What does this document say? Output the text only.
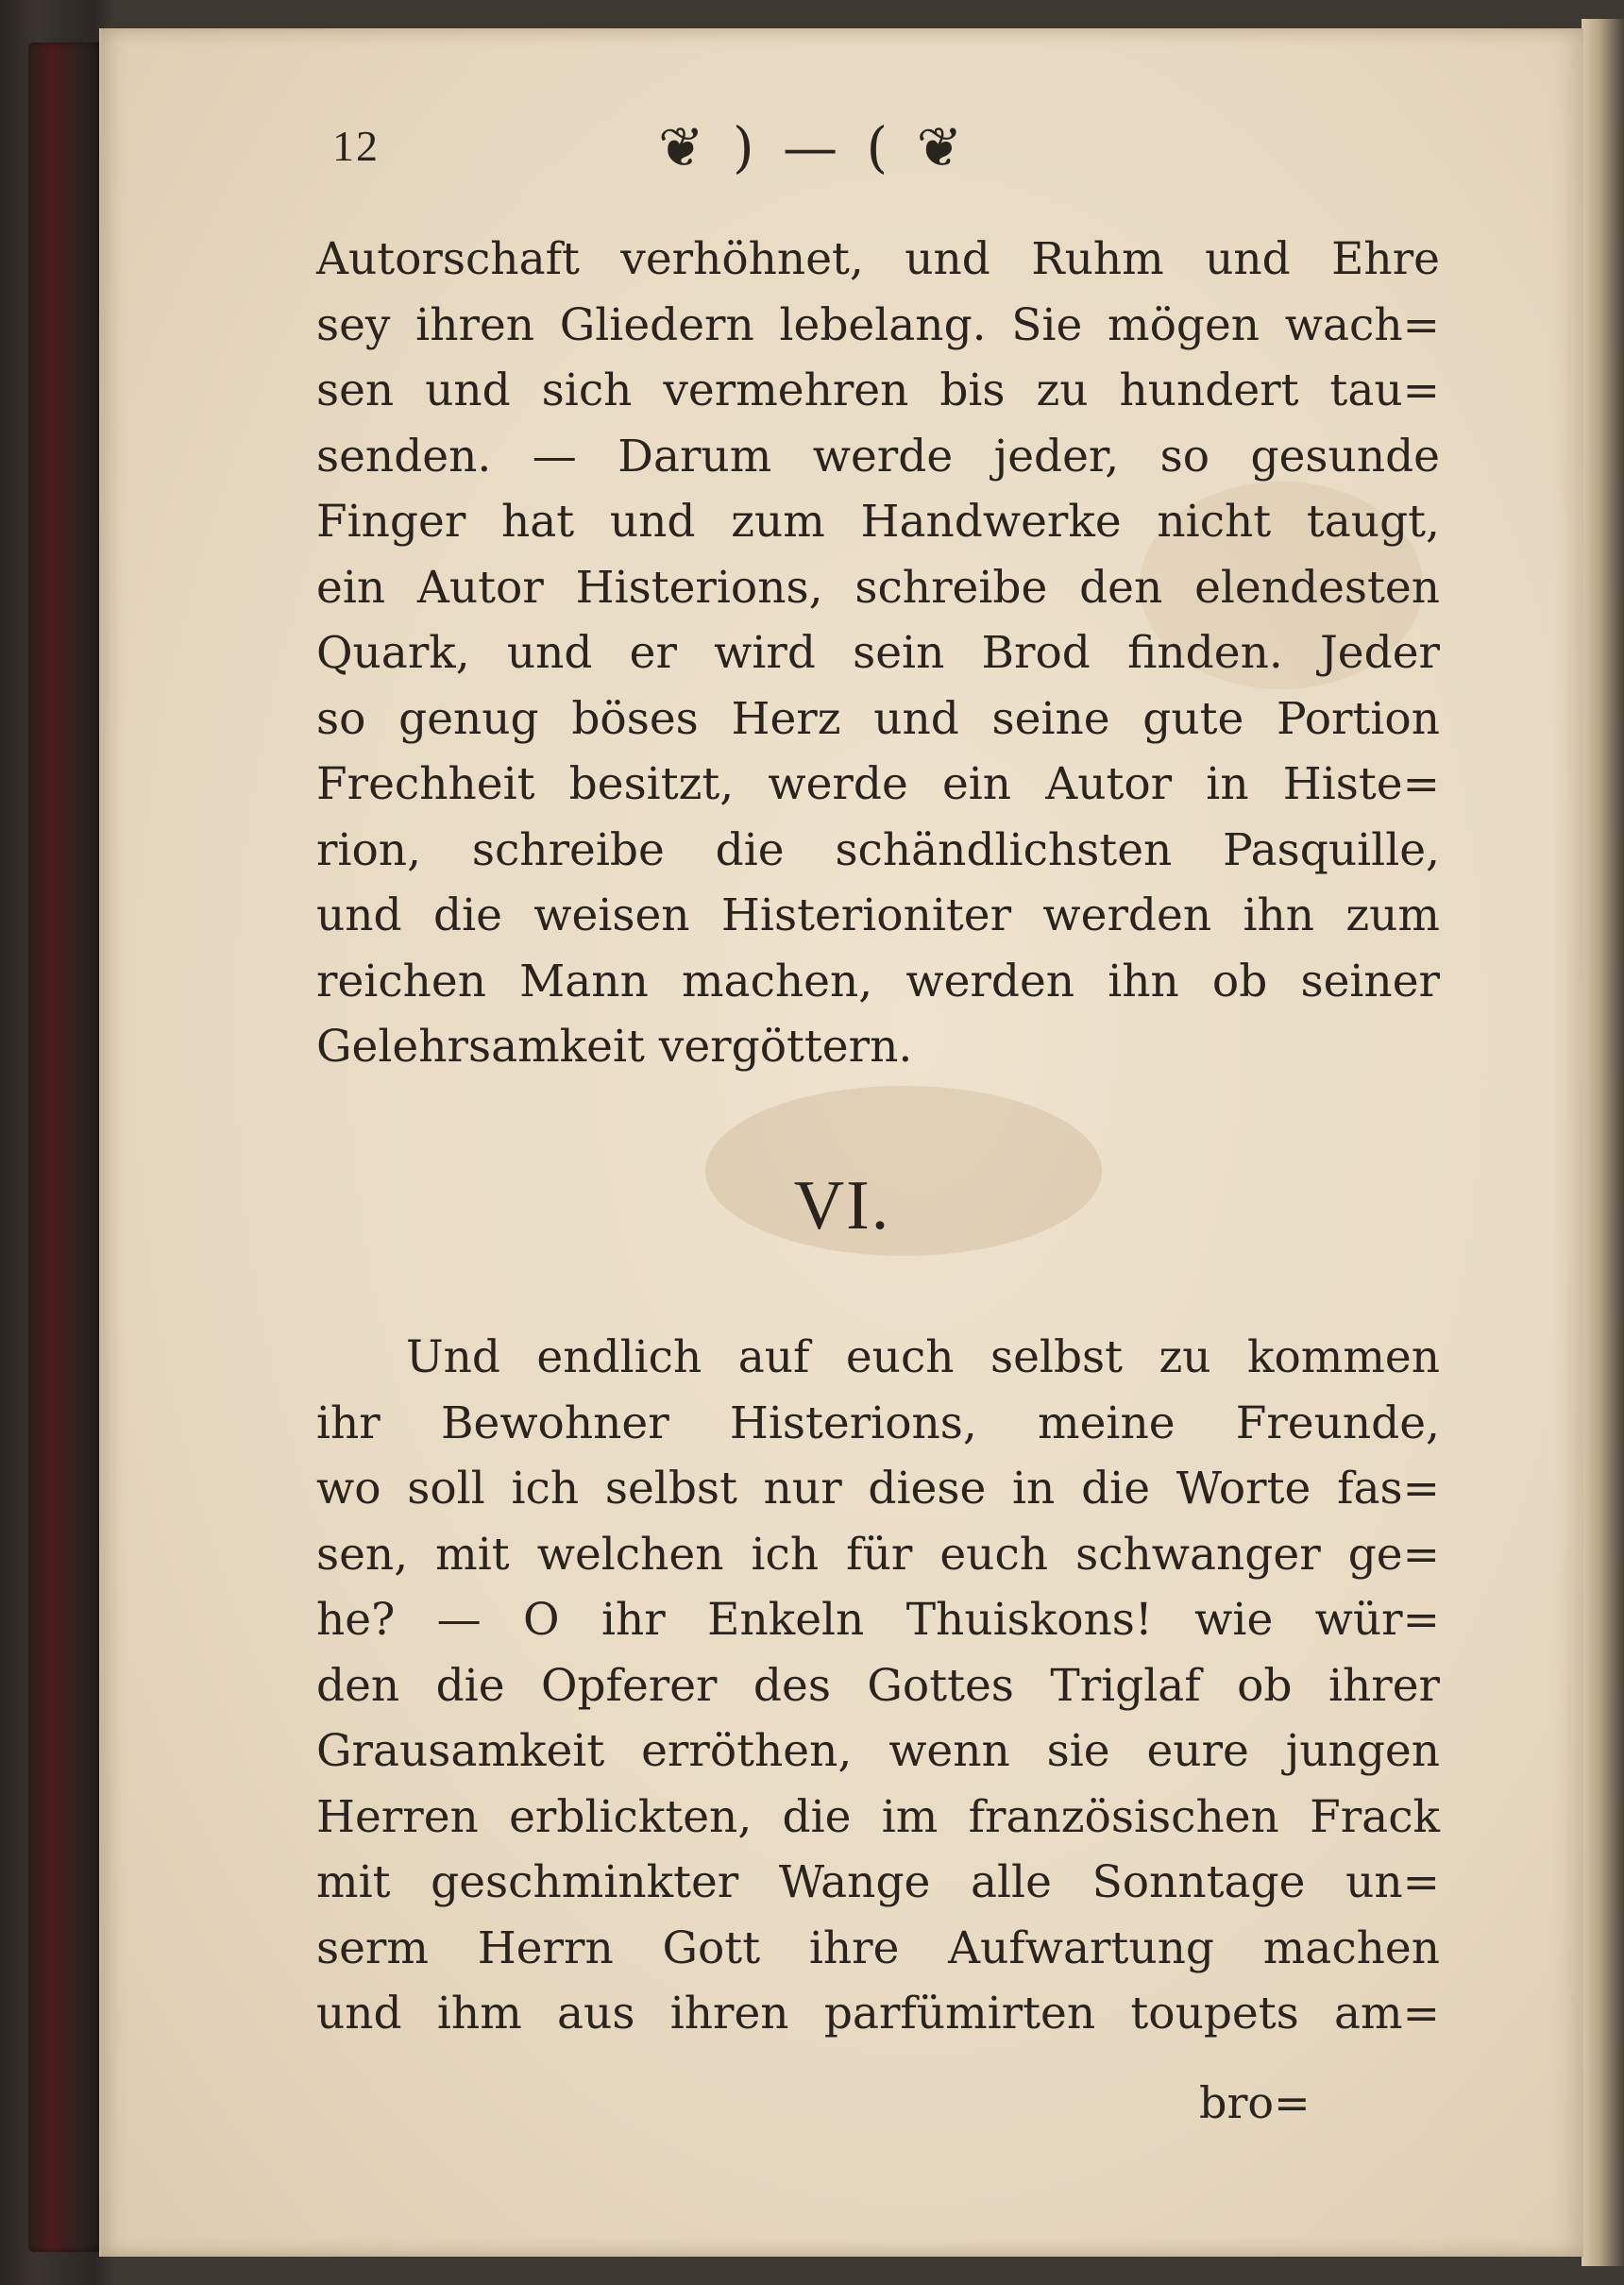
12	❦ ) — ( ❦
Autorschaft verhöhnet, und Ruhm und Ehre
sey ihren Gliedern lebelang. Sie mögen wach=
sen und sich vermehren bis zu hundert tau=
senden. — Darum werde jeder, so gesunde
Finger hat und zum Handwerke nicht taugt,
ein Autor Histerions, schreibe den elendesten
Quark, und er wird sein Brod finden. Jeder
so genug böses Herz und seine gute Portion
Frechheit besitzt, werde ein Autor in Histe=
rion, schreibe die schändlichsten Pasquille,
und die weisen Histerioniter werden ihn zum
reichen Mann machen, werden ihn ob seiner
Gelehrsamkeit vergöttern.
VI.
Und endlich auf euch selbst zu kommen
ihr Bewohner Histerions, meine Freunde,
wo soll ich selbst nur diese in die Worte fas=
sen, mit welchen ich für euch schwanger ge=
he? — O ihr Enkeln Thuiskons! wie wür=
den die Opferer des Gottes Triglaf ob ihrer
Grausamkeit erröthen, wenn sie eure jungen
Herren erblickten, die im französischen Frack
mit geschminkter Wange alle Sonntage un=
serm Herrn Gott ihre Aufwartung machen
und ihm aus ihren parfümirten toupets am=
bro=
